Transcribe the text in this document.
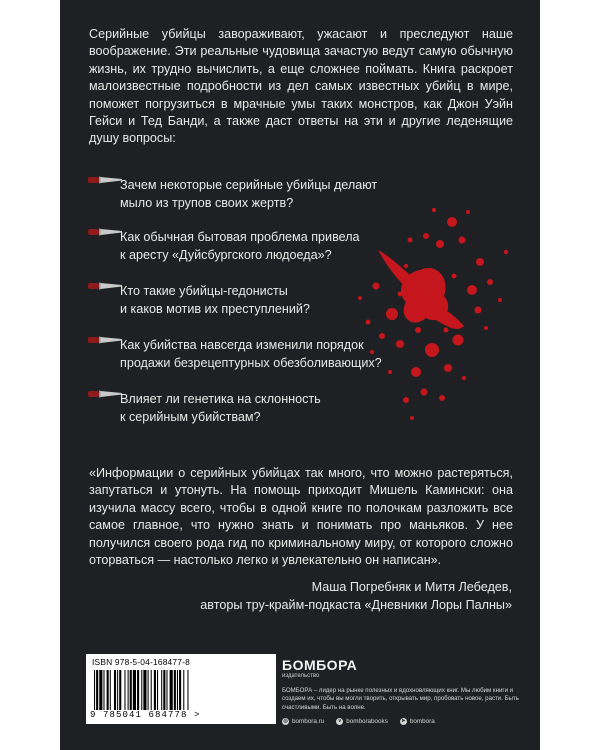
Серийные убийцы завораживают, ужасают и преследуют наше воображение. Эти реальные чудовища зачастую ведут самую обычную жизнь, их трудно вычислить, а еще сложнее поймать. Книга раскроет малоизвестные подробности из дел самых известных убийц в мире, поможет погрузиться в мрачные умы таких монстров, как Джон Уэйн Гейси и Тед Банди, а также даст ответы на эти и другие леденящие душу вопросы:

Зачем некоторые серийные убийцы делают
мыло из трупов своих жертв?

Как обычная бытовая проблема привела
к аресту «Дуйсбургского людоеда»?

Кто такие убийцы-гедонисты
и каков мотив их преступлений?

Как убийства навсегда изменили порядок
продажи безрецептурных обезболивающих?

Влияет ли генетика на склонность
к серийным убийствам?

«Информации о серийных убийцах так много, что можно растеряться, запутаться и утонуть. На помощь приходит Мишель Камински: она изучила массу всего, чтобы в одной книге по полочкам разложить все самое главное, что нужно знать и понимать про маньяков. У нее получился своего рода гид по криминальному миру, от которого сложно оторваться — настолько легко и увлекательно он написан».

Маша Погребняк и Митя Лебедев,
авторы тру-крайм-подкаста «Дневники Лоры Палны»
ISBN 978-5-04-168477-8
9 785041 684778 >
БОМБОРА
издательство
БОМБОРА – лидер на рынке полезных и вдохновляющих книг. Мы любим книги и создаем их, чтобы вы могли творить, открывать мир, пробовать новое, расти. Быть счастливыми. Быть на волне.
◎ bombora.ru	v bomborabooks	➤ bombora
